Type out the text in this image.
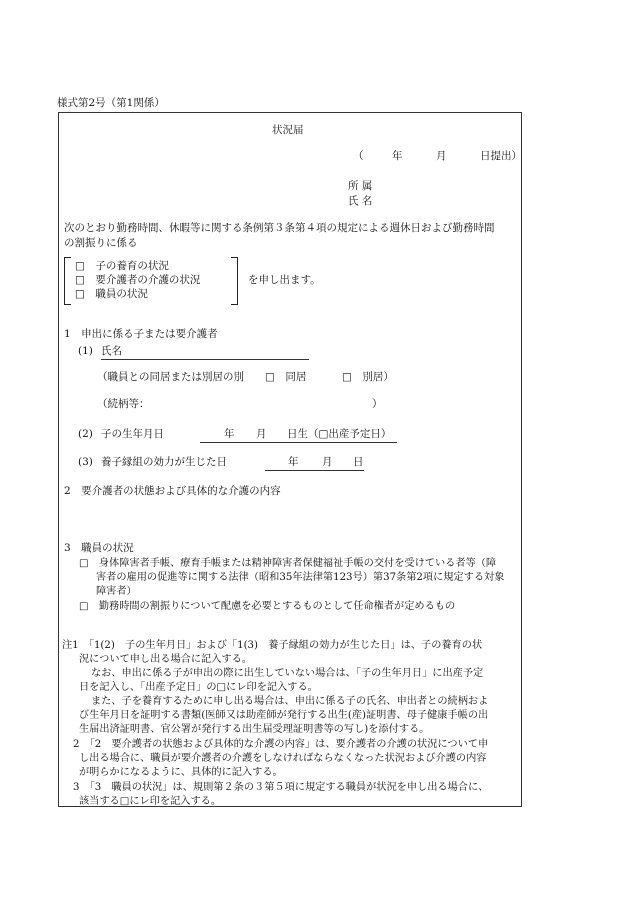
様式第2号（第1関係）
状況届
（	年	月	日提出）
所 属
氏 名
次のとおり勤務時間、休暇等に関する条例第３条第４項の規定による週休日および勤務時間
の割振りに係る
□　子の養育の状況
□　要介護者の介護の状況
□　職員の状況
を申し出ます。
1　申出に係る子または要介護者
(1) 氏名
（職員との同居または別居の別 □　同居	□　別居）
（続柄等：	）
(2) 子の生年月日	年 月 日生（□出産予定日）
(3) 養子縁組の効力が生じた日	年 月 日
2　要介護者の状態および具体的な介護の内容
3　職員の状況
□　身体障害者手帳、療育手帳または精神障害者保健福祉手帳の交付を受けている者等（障
害者の雇用の促進等に関する法律（昭和35年法律第123号）第37条第2項に規定する対象
障害者）
□　勤務時間の割振りについて配慮を必要とするものとして任命権者が定めるもの
注1　「1(2)　子の生年月日」および「1(3)　養子縁組の効力が生じた日」は、子の養育の状
況について申し出る場合に記入する。
なお、申出に係る子が申出の際に出生していない場合は、「子の生年月日」に出産予定
日を記入し、「出産予定日」の□にレ印を記入する。
また、子を養育するために申し出る場合は、申出に係る子の氏名、申出者との続柄およ
び生年月日を証明する書類(医師又は助産師が発行する出生(産)証明書、母子健康手帳の出
生届出済証明書、官公署が発行する出生届受理証明書等の写し)を添付する。
2　「2　要介護者の状態および具体的な介護の内容」は、要介護者の介護の状況について申
し出る場合に、職員が要介護者の介護をしなければならなくなった状況および介護の内容
が明らかになるように、具体的に記入する。
3　「3　職員の状況」は、規則第２条の３第５項に規定する職員が状況を申し出る場合に、
該当する□にレ印を記入する。
